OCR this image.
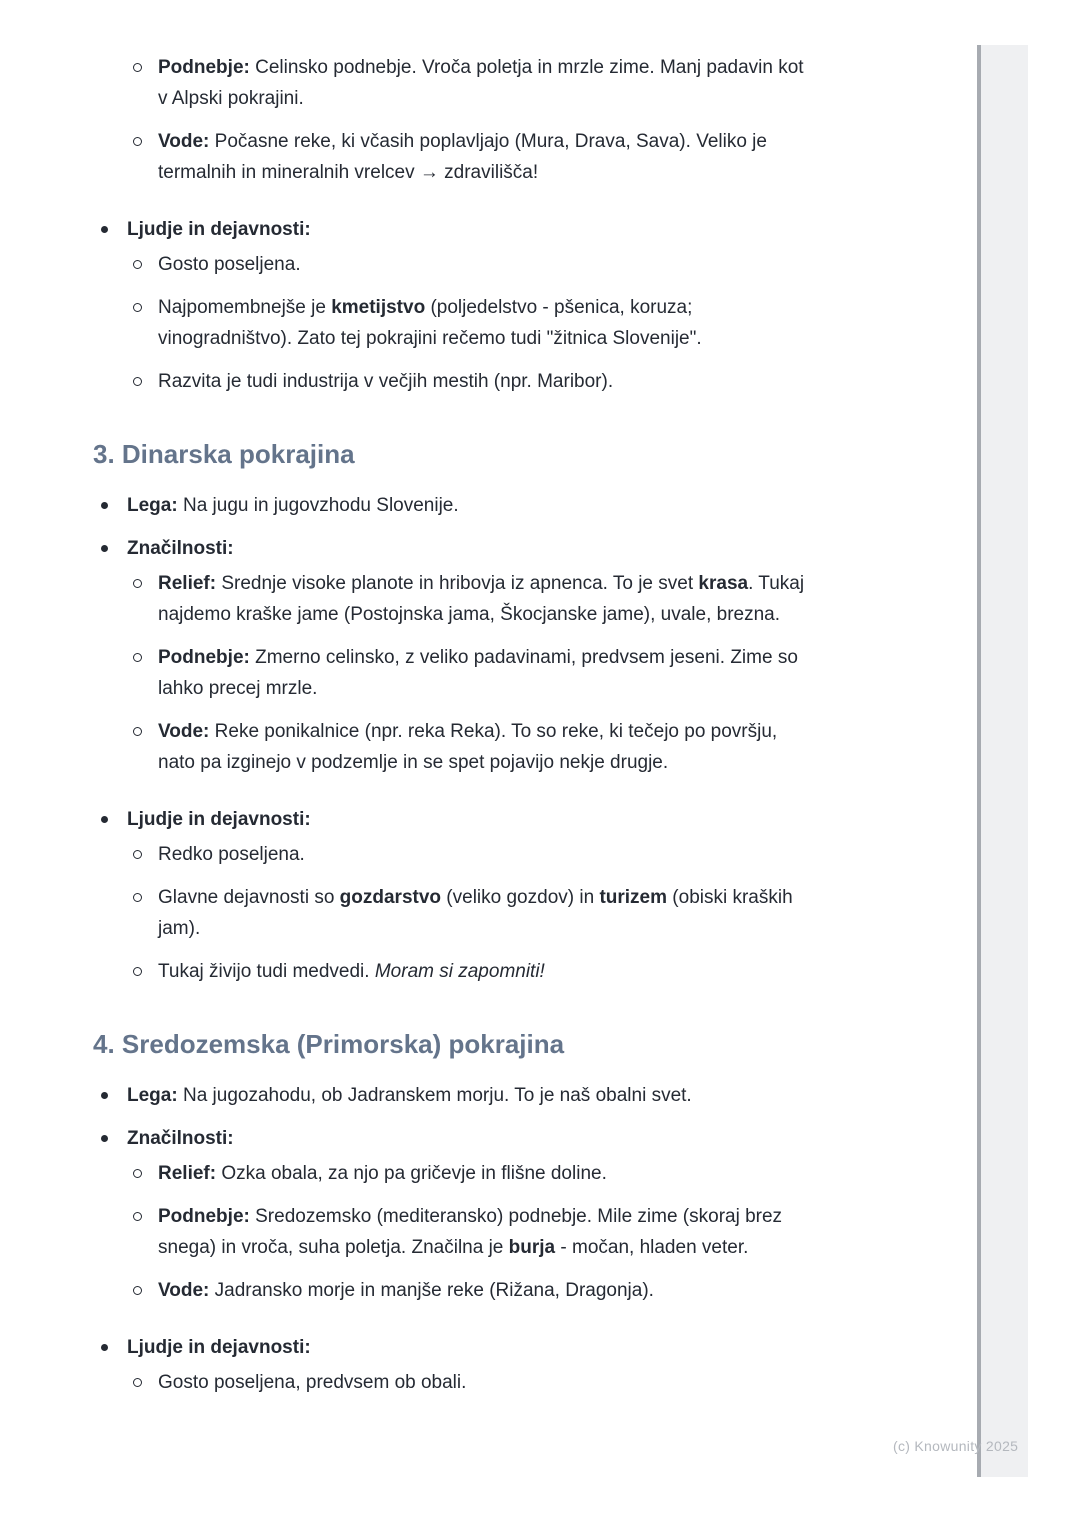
Podnebje: Celinsko podnebje. Vroča poletja in mrzle zime. Manj padavin kot v Alpski pokrajini.
Vode: Počasne reke, ki včasih poplavljajo (Mura, Drava, Sava). Veliko je termalnih in mineralnih vrelcev → zdravilišča!
Ljudje in dejavnosti:
Gosto poseljena.
Najpomembnejše je kmetijstvo (poljedelstvo - pšenica, koruza; vinogradništvo). Zato tej pokrajini rečemo tudi "žitnica Slovenije".
Razvita je tudi industrija v večjih mestih (npr. Maribor).
3. Dinarska pokrajina
Lega: Na jugu in jugovzhodu Slovenije.
Značilnosti:
Relief: Srednje visoke planote in hribovja iz apnenca. To je svet krasa. Tukaj najdemo kraške jame (Postojnska jama, Škocjanske jame), uvale, brezna.
Podnebje: Zmerno celinsko, z veliko padavinami, predvsem jeseni. Zime so lahko precej mrzle.
Vode: Reke ponikalnice (npr. reka Reka). To so reke, ki tečejo po površju, nato pa izginejo v podzemlje in se spet pojavijo nekje drugje.
Ljudje in dejavnosti:
Redko poseljena.
Glavne dejavnosti so gozdarstvo (veliko gozdov) in turizem (obiski kraških jam).
Tukaj živijo tudi medvedi. Moram si zapomniti!
4. Sredozemska (Primorska) pokrajina
Lega: Na jugozahodu, ob Jadranskem morju. To je naš obalni svet.
Značilnosti:
Relief: Ozka obala, za njo pa gričevje in flišne doline.
Podnebje: Sredozemsko (mediteransko) podnebje. Mile zime (skoraj brez snega) in vroča, suha poletja. Značilna je burja - močan, hladen veter.
Vode: Jadransko morje in manjše reke (Rižana, Dragonja).
Ljudje in dejavnosti:
Gosto poseljena, predvsem ob obali.
(c) Knowunity 2025
